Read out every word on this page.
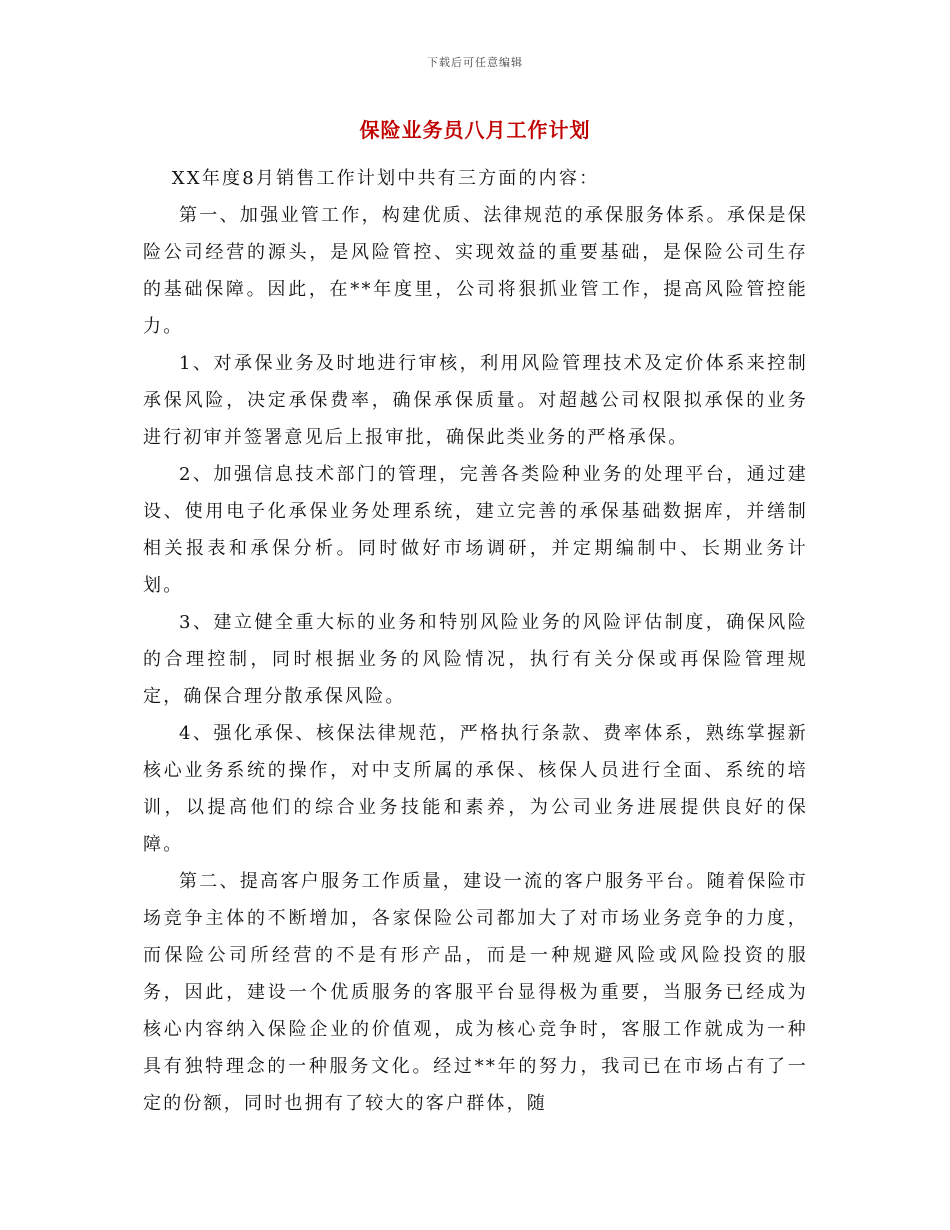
下载后可任意编辑
保险业务员八月工作计划

XX年度8月销售工作计划中共有三方面的内容：

第一、加强业管工作，构建优质、法律规范的承保服务体系。承保是保险公司经营的源头，是风险管控、实现效益的重要基础，是保险公司生存的基础保障。因此，在**年度里，公司将狠抓业管工作，提高风险管控能力。

1、对承保业务及时地进行审核，利用风险管理技术及定价体系来控制承保风险，决定承保费率，确保承保质量。对超越公司权限拟承保的业务进行初审并签署意见后上报审批，确保此类业务的严格承保。

2、加强信息技术部门的管理，完善各类险种业务的处理平台，通过建设、使用电子化承保业务处理系统，建立完善的承保基础数据库，并缮制相关报表和承保分析。同时做好市场调研，并定期编制中、长期业务计划。

3、建立健全重大标的业务和特别风险业务的风险评估制度，确保风险的合理控制，同时根据业务的风险情况，执行有关分保或再保险管理规定，确保合理分散承保风险。

4、强化承保、核保法律规范，严格执行条款、费率体系，熟练掌握新核心业务系统的操作，对中支所属的承保、核保人员进行全面、系统的培训，以提高他们的综合业务技能和素养，为公司业务进展提供良好的保障。

第二、提高客户服务工作质量，建设一流的客户服务平台。随着保险市场竞争主体的不断增加，各家保险公司都加大了对市场业务竞争的力度，而保险公司所经营的不是有形产品，而是一种规避风险或风险投资的服务，因此，建设一个优质服务的客服平台显得极为重要，当服务已经成为核心内容纳入保险企业的价值观，成为核心竞争时，客服工作就成为一种具有独特理念的一种服务文化。经过**年的努力，我司已在市场占有了一定的份额，同时也拥有了较大的客户群体，随
